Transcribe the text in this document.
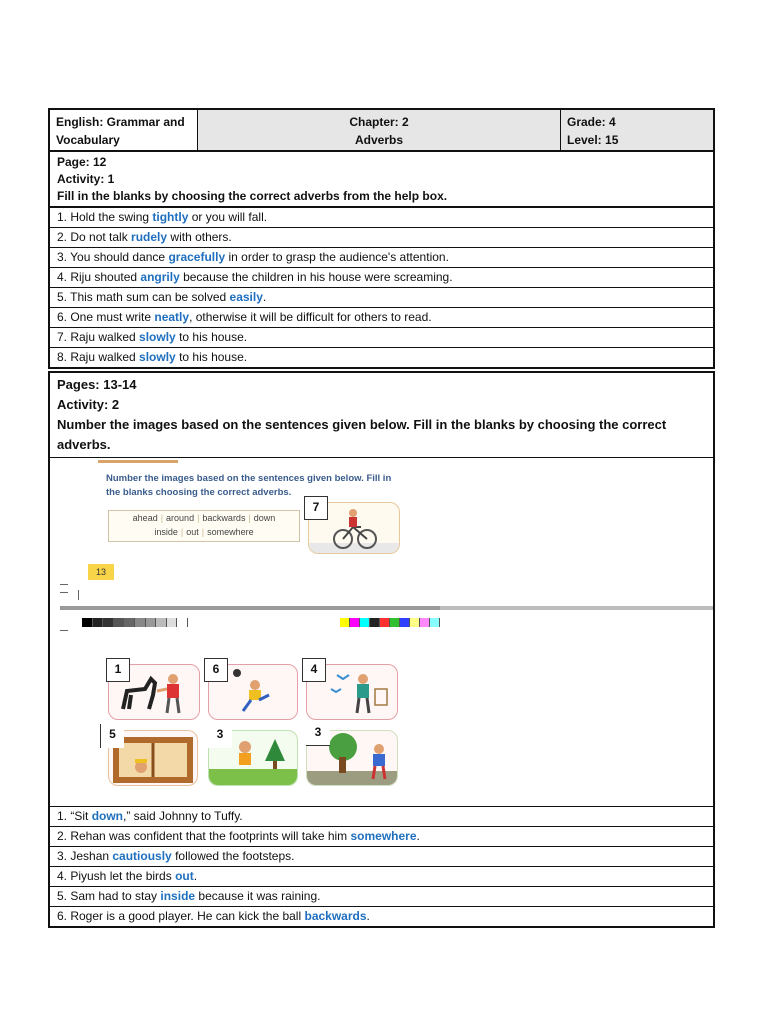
English: Grammar and
Vocabulary
Chapter: 2
Adverbs
Grade: 4
Level: 15
Page: 12
Activity: 1
Fill in the blanks by choosing the correct adverbs from the help box.
1. Hold the swing tightly or you will fall.
2. Do not talk rudely with others.
3. You should dance gracefully in order to grasp the audience's attention.
4. Riju shouted angrily because the children in his house were screaming.
5. This math sum can be solved easily.
6. One must write neatly, otherwise it will be difficult for others to read.
7. Raju walked slowly to his house.
8. Raju walked slowly to his house.
Pages: 13-14
Activity: 2
Number the images based on the sentences given below. Fill in the blanks by choosing the correct adverbs.
Number the images based on the sentences given below. Fill in
the blanks choosing the correct adverbs.
ahead | around | backwards | down
inside | out | somewhere
7
13
1	6	4
5	3	3
1. “Sit down,” said Johnny to Tuffy.
2. Rehan was confident that the footprints will take him somewhere.
3. Jeshan cautiously followed the footsteps.
4. Piyush let the birds out.
5. Sam had to stay inside because it was raining.
6. Roger is a good player. He can kick the ball backwards.
